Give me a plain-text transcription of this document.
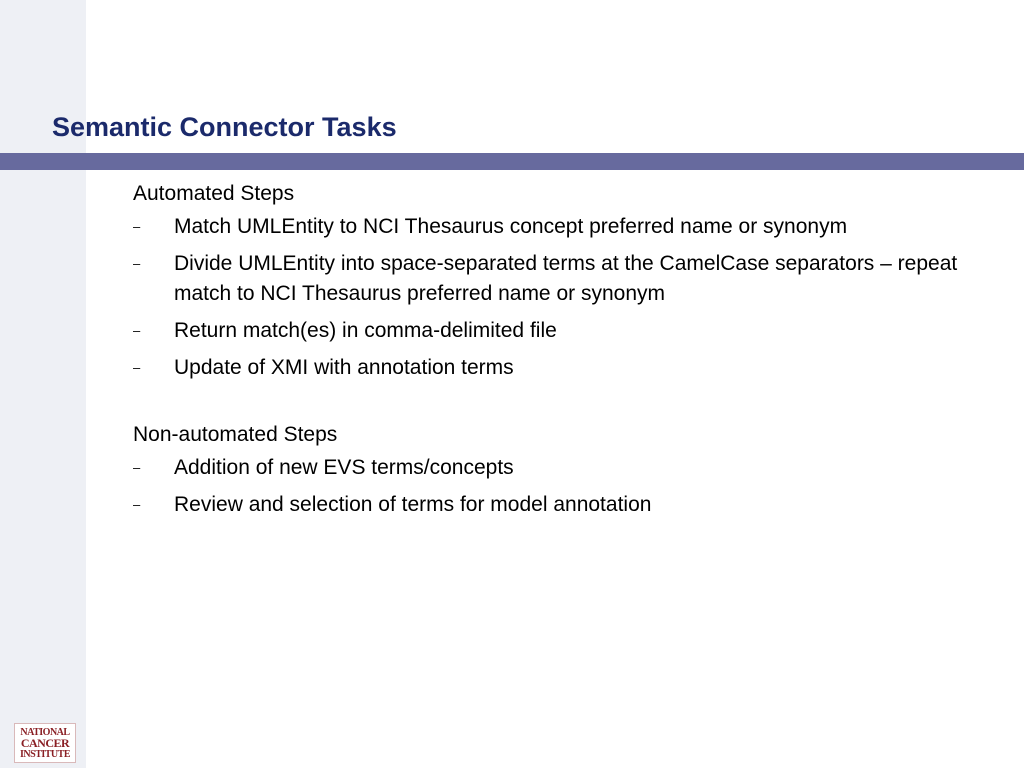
Semantic Connector Tasks
Automated Steps
– Match UMLEntity to NCI Thesaurus concept preferred name or synonym
– Divide UMLEntity into space-separated terms at the CamelCase separators – repeat match to NCI Thesaurus preferred name or synonym
– Return match(es) in comma-delimited file
– Update of XMI with annotation terms
Non-automated Steps
– Addition of new EVS terms/concepts
– Review and selection of terms for model annotation
NATIONAL
CANCER
INSTITUTE
